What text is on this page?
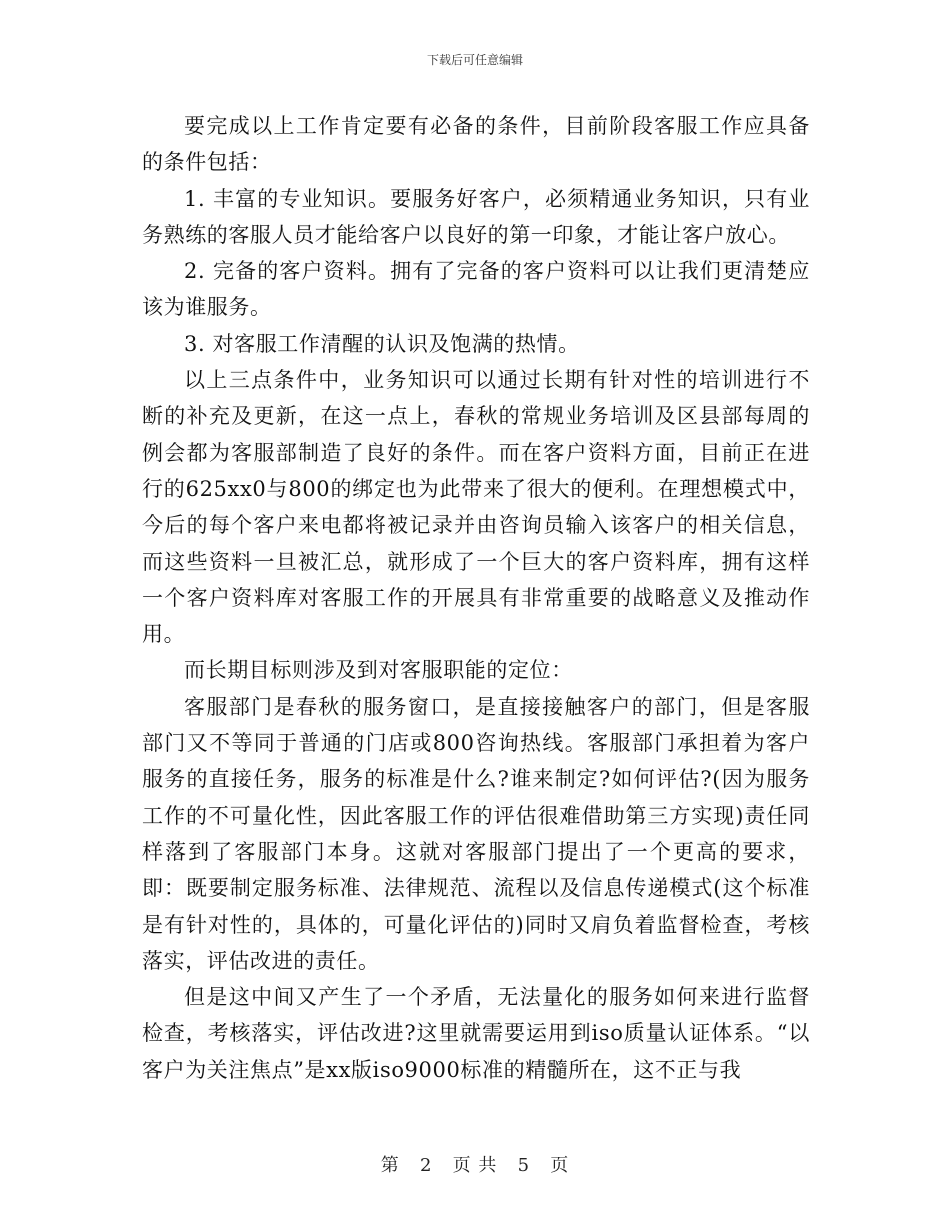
下载后可任意编辑

要完成以上工作肯定要有必备的条件，目前阶段客服工作应具备的条件包括：

1. 丰富的专业知识。要服务好客户，必须精通业务知识，只有业务熟练的客服人员才能给客户以良好的第一印象，才能让客户放心。

2. 完备的客户资料。拥有了完备的客户资料可以让我们更清楚应该为谁服务。

3. 对客服工作清醒的认识及饱满的热情。

以上三点条件中，业务知识可以通过长期有针对性的培训进行不断的补充及更新，在这一点上，春秋的常规业务培训及区县部每周的例会都为客服部制造了良好的条件。而在客户资料方面，目前正在进行的625xx0与800的绑定也为此带来了很大的便利。在理想模式中，今后的每个客户来电都将被记录并由咨询员输入该客户的相关信息，而这些资料一旦被汇总，就形成了一个巨大的客户资料库，拥有这样一个客户资料库对客服工作的开展具有非常重要的战略意义及推动作用。

而长期目标则涉及到对客服职能的定位：

客服部门是春秋的服务窗口，是直接接触客户的部门，但是客服部门又不等同于普通的门店或800咨询热线。客服部门承担着为客户服务的直接任务，服务的标准是什么?谁来制定?如何评估?(因为服务工作的不可量化性，因此客服工作的评估很难借助第三方实现)责任同样落到了客服部门本身。这就对客服部门提出了一个更高的要求，即：既要制定服务标准、法律规范、流程以及信息传递模式(这个标准是有针对性的，具体的，可量化评估的)同时又肩负着监督检查，考核落实，评估改进的责任。

但是这中间又产生了一个矛盾，无法量化的服务如何来进行监督检查，考核落实，评估改进?这里就需要运用到iso质量认证体系。“以客户为关注焦点”是xx版iso9000标准的精髓所在，这不正与我

第 2 页 共 5 页
